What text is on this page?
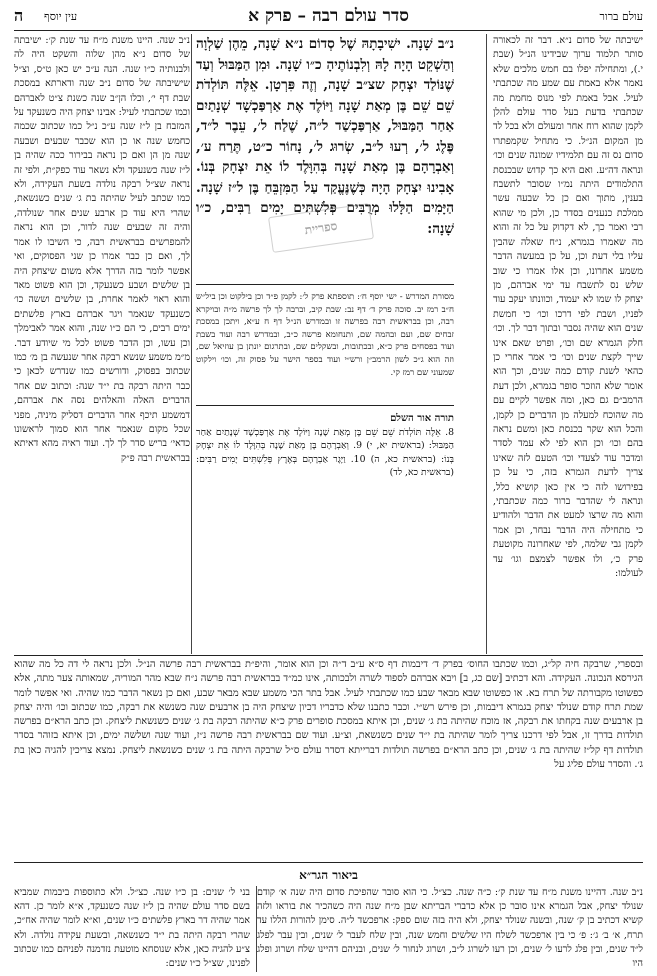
עולם ברור
סדר עולם רבה – פרק א
עין יוסף
ה

ישיבתה של סדום נ״א. דבר זה לכאורה סותר תלמוד ערוך שבידינו הנ״ל (שבת י.), ומתחילה יפלו בם חמש מלכים שלא נאמר אלא באמת עם שמע מה שכתבתי לעיל. אבל באמת לפי מנוס מחמת מה שכתבתי בדעת בעל סדר עולם להלן לקמן שהוא רוח אחר ומעולם ולא בכל לד מן המקום הנ״ל. כי מתחיל שקמפתרו סדום נס זה עם תלמידיו שמונה שנים וכו׳ ונראה דה״ע. ואם היא כך קדוש שבכנסת התלמודים היתה נמ״ו שסובר לתשבח בענין, מתוך ואם כן כל שבעה עשר ממלכת כנענים בסדר כן, ולכן מי שהוא רבי ואמר כך, לא דקדוק על כל זה והוא מה שאמרו בגמרא, נ״ח שאלה שהבין עליו בלי דעת וכן, על כן במעשה הדבר משמע אחרונו, וכן אלו אמרו כי שוב שלש נס לתשבח עד ימי אברהם, מן יצחק לו שמו לא יעמוד, וכוונתו יעקב עוד לפניו, ושבת לפי דרכו וכו׳ כי חמשת שנים הוא שהיה נסבר ובתוך דבר לך. וכו׳ חלק הגמרא שם וכו׳, ופרט שאם אינו שייך לקצת שנים וכו׳ כי אמר אחרי כן כהאי לשנת קודם כמה שנים, וכך הוא אומר שלא הוזכר סופר בגמרא, ולכן דעת הרמב״ם גם כאן, ומה אפשר לקיים עם מה שהוכח למעלה מן הדברים כן לקמן, והכל הוא שקר בכנסת כאן ומשם נראה בהם וכו׳ וכן הוא לפי לא עמד לסדר ומדבר עוד לצעדי וכו׳ הטעם לזה שאינו צריך לדעת הגמרא בזה, כי על כן בפירושו לזה כי אין כאן קושיא כלל, ונראה לי שהדבר ברור כמה שכתבתי, והוא מה שרצו למעט את הדבר ולהודיע כי מתחילה היה הדבר נבחר, וכן אמר לקמן גבי שלמה, לפי שאחרונה מקוטעת פרק כ׳, ולו אפשר לצמצם וגו׳ עד לעולמו:

נ״ב שָׁנָה. ישִׁיבָתָהּ שֶׁל סְדוֹם נ״א שָׁנָה, מֵהֶן שַׁלְוָה וְהַשְׁקֵט הָיָה לָהּ וְלִבְנוֹתֶיהָ כ״ו שָׁנָה. וּמִן הַמַּבּוּל וְעַד שֶׁנּוֹלַד יִצְחָק שצ״ב שָׁנָה, וְזֶה פִּרְטָן. אֵלֶּה תּוֹלְדֹת שֵׁם שֵׁם בֶּן מְאַת שָׁנָה וַיּוֹלֶד אֶת אַרְפַּכְשָׁד שְׁנָתַיִם אַחַר הַמַּבּוּל, אַרְפַּכְשַׁד ל״ה, שֶׁלַח ל׳, עֵבֶר ל״ד, פֶּלֶג ל׳, רְעוּ ל״ב, שְׂרוּג ל׳, נָחוֹר כ״ט, תֶּרַח ע׳, וְאַבְרָהָם בֶּן מְאַת שָׁנָה בְּהִוָּלֶד לוֹ אֵת יִצְחָק בְּנוֹ. אָבִינוּ יִצְחָק הָיָה כְּשֶׁנֶּעֱקַד עַל הַמִּזְבֵּחַ בֶּן ל״ז שָׁנָה. הַיָּמִים הַלָּלוּ מְרֻבִּים פְּלִשְׁתִּים יָמִים רַבִּים, כ״ו שָׁנָה:
ספריית
מסורת המדרש - ישי יוסף ח׳: תוספתא פרק ל׳: לקמן פ״ד וכן בילקוט וכן ביל״ש ח״ב רמז יב. סוכה פרק ד׳ דף נב: שבת קיב, וברבה לך לך פרשה מ״ה ובויקרא רבה, וכן בבראשית רבה בפרשה זו ובמדרש הנ״ל דף ח ע״א, ויתכן במסכת זבחים שם, ועם ובהמה שם, ותנחומא פרשה כ״ב, ובמדרש רבה ועוד בשבת ועוד בפסחים פרק כ״א, ובכתובות, ובשקלים שם, ובתרגום יונתן בן עוזיאל שם, וזה הוא ג״כ לשון הרמב״ן ורש״י ועוד בספר הישר על פסוק זה, וכו׳ וילקוט שמעוני שם רמז קי.
תורה אור השלם
8. אֵלֶּה תּוֹלְדֹת שֵׁם שֵׁם בֶּן מְאַת שָׁנָה וַיּוֹלֶד אֶת אַרְפַּכְשָׁד שְׁנָתַיִם אַחַר הַמַּבּוּל: (בראשית יא, י) 9. וְאַבְרָהָם בֶּן מְאַת שָׁנָה בְּהִוָּלֶד לוֹ אֵת יִצְחָק בְּנוֹ: (בראשית כא, ה) 10. וַיָּגָר אַבְרָהָם בְּאֶרֶץ פְּלִשְׁתִּים יָמִים רַבִּים: (בראשית כא, לד)

נ״ב שנה. היינו משנת מ״ח עד שנת ק׳: ישיבתה של סדום נ״א מהן שלוה והשקט היה לה ולבנותיה כ״ו שנה. הנה ע״כ יש כאן ט״ס, וצ״ל שישיבתה של סדום נ״ב שנה ודארתא במסכת שבת דף י׳, וכלו הן״ב שנה כשנת צ״ט לאברהם וכמו שכתבתי לעיל: אבינו יצחק היה כשנעקד על המזבח בן ל״ז שנה ע״כ נ״ל כמו שכתוב שכמה כחמש שנה או כן הוא שכבר שבעים ושבעה שנה מן הן ואם כן נראה בבירור ככה שהיה בן ל״ז שנה כשנעקד ולא נשאר עוד כפק״ת, ולפי זה נראה שצ״ל רבקה נולדה בשעת העקידה, ולא כמו שכתב לעיל שהיתה בת ג׳ שנים כשנשאת, שהרי היא עוד כן ארבע שנים אחר שנולדה, והיה זה שבעים שנה לדור, וכן הוא נראה להמפרשים בבראשית רבה, כי השיבו לו אמר לך, ואם כן כבר אמרו כן שני הפסוקים, ואי אפשר לומר בזה הדרך אלא משום שיצחק היה בן שלשים ושבע כשנעקד, וכן הוא פשוט מאד והוא ראוי לאמר אחרת, בן שלשים וששה כו׳ כשנעקד שנאמר ויגר אברהם בארץ פלשתים ימים רבים, כי הם כ״ו שנה, והוא אמר לאבימלך וכן עשו, וכן הדבר פשוט לכל מי שיודע דבר. מ״מ משמע שנשא רבקה אחר שנעשה בן מ׳ כמו שכתוב בפסוק, ודורשים כמו שנדרש לכאן כי כבר היתה רבקה בת י״ד שנה: וכתוב שם אחר הדברים האלה והאלהים נסה את אברהם, דמשמע תיכף אחר הדברים דסליק מיניה, מפני שכל מקום שנאמר אחר הוא סמוך לראשונו כדאי׳ בריש סדר לך לך. ועוד ראיה מהא דאיתא בבראשית רבה פ״ק

ובספרי, שרבקה חיה קל״ג, וכמו שכתבו החוס׳ בפרק ד׳ דיבמות דף ס״א ע״ב ד״ה וכן הוא אומר, והיפ״ת בבראשית רבה פרשה הנ״ל. ולכן נראה לי דה כל מה שהוא הגירסא הנכונה. העקידה. והא דכתיב [שם כג, ב] ויבא אברהם לספוד לשרה ולבכותה, אינו כמ״ד בבראשית רבה פרשה נ״ח שבא מהר המוריה, שמאותה צער מתה, אלא כפשוטו מקבורתה של תרח בא. או כפשוטו שבא מבאר שבע כמו שכתבתי לעיל. אבל בתר הכי משמע שבא מבאר שבע, ואם כן נשאר הדבר כמו שהיה. ואי אפשר לומר שמת תרח קודם שנולד יצחק בגמרא דיבמות, וכן פירש רש״י. וכבר כתבנו שלא כדבריו דכיון שיצחק היה בן ארבעים שנה כשנשא את רבקה, כמו שכתוב וכו׳ והיה יצחק בן ארבעים שנה בקחתו את רבקה, אז מוכח שהיתה בת ג׳ שנים, וכן איתא במסכת סופרים פרק כ״א שהיתה רבקה בת ג׳ שנים כשנשאת ליצחק. וכן כתב הרא״ם בפרשה תולדות בדרך זו, אבל לפי דרכנו צריך לומר שהיתה בת י״ד שנים כשנשאת, וצ״ע. ועוד שם בבראשית רבה פרשה נ״ז, ועוד שנה ושלשה ימים, וכן איתא בזוהר בסדר תולדות דף קל״ז שהיתה בת ג׳ שנים, וכן כתב הרא״ם בפרשה תולדות דברייתא דסדר עולם ס״ל שרבקה היתה בת ג׳ שנים כשנשאת ליצחק. נמצא צריכין להגיה כאן בת ג׳. והסדר עולם פליג על
ביאור הגר״א
נ״ב שנה. דהיינו משנת מ״ח עד שנת ק׳: כ״ה שנה. כצ״ל. כי הוא סובר שהפיכת סדום היה שנה א׳ קודם שנולד יצחק, אבל הגמרא אינו סובר כן אלא כדברי הבריתא שבן מ״ח שנה היה כשהכיר את בוראו ולזה קשיא דכתיב בן ק׳ שנה, ובשנה שנולד יצחק, ולא היה בזה שום ספק: ארפכשד ל״ה. סימן להורות הללו עד תרח, א׳ ב׳ ג׳: פ׳ כי בין ארפכשד לשלח היו שלשים וחמש שנה, ובין שלח לעבר ל׳ שנים, ובין עבר לפלג ל״ד שנים, ובין פלג לרעו ל׳ שנים, וכן רעו לשרוג ל״ב, ושרוג לנחור ל׳ שנים, ובניהם דהיינו שלח ושרוג ופלג היו
בני ל׳ שנים: בן כ״ו שנה. כצ״ל. ולא כתוספות ביבמות שמביא בשם סדר עולם שהיה בן ל״ז שנה כשנעקד, א״א לומר כן. דהא אמר שהיה דר בארץ פלשתים כ״ו שנים, וא״א לומר שהיה אח״כ, שהרי רבקה היתה בת י״ד כשנשאה, ובשעת עקידה נולדה. ולא צ״ע להגיה כאן, אלא שנוסחא מוטעת נזדמנה לפניהם כמו שכתוב לפנינו, שצ״ל כ״ו שנים:
